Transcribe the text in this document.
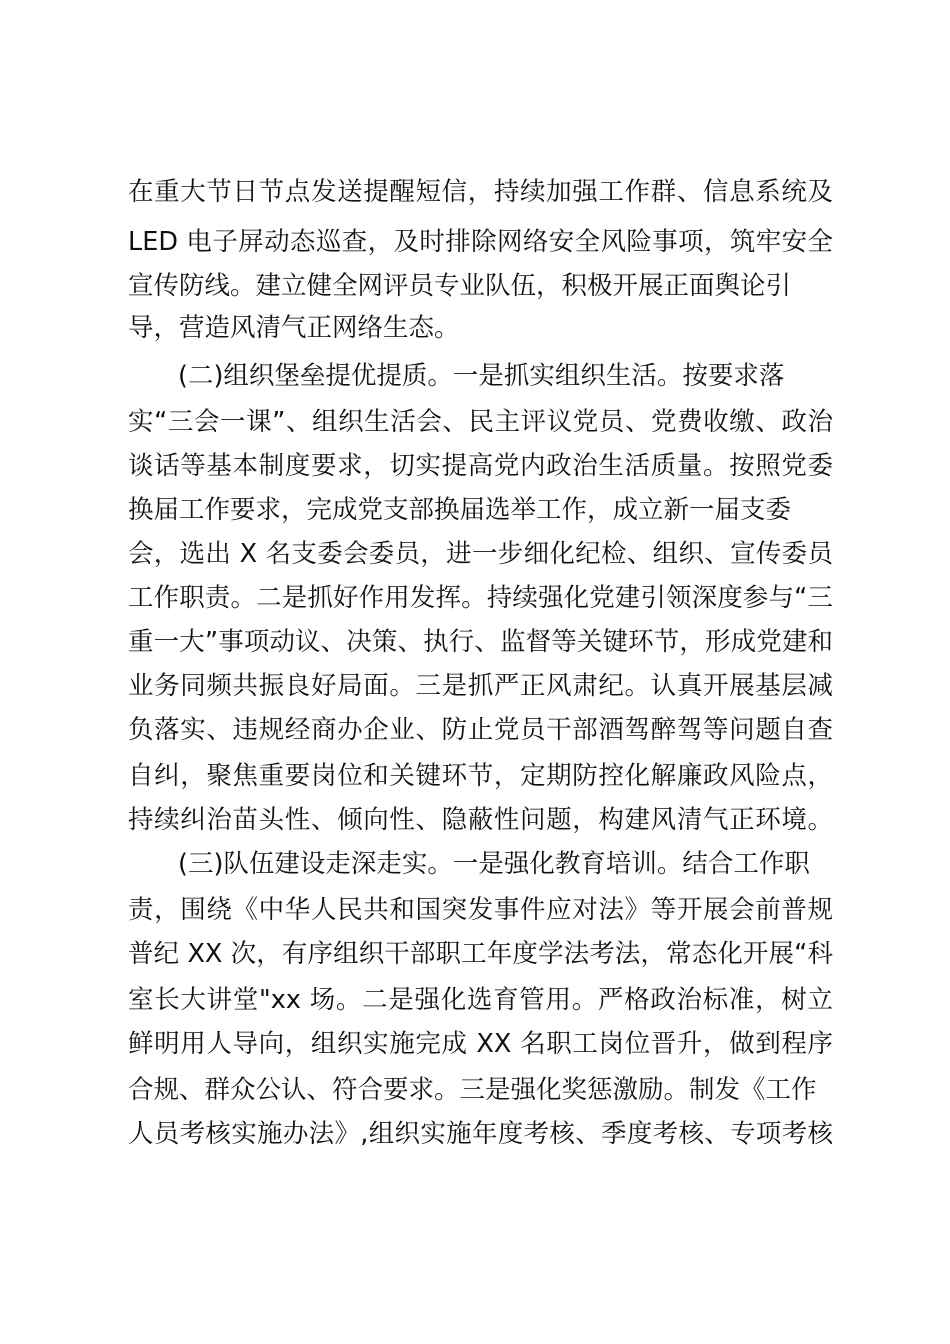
在重大节日节点发送提醒短信，持续加强工作群、信息系统及
LED 电子屏动态巡查，及时排除网络安全风险事项，筑牢安全
宣传防线。建立健全网评员专业队伍，积极开展正面舆论引
导，营造风清气正网络生态。
(二)组织堡垒提优提质。一是抓实组织生活。按要求落
实“三会一课”、组织生活会、民主评议党员、党费收缴、政治
谈话等基本制度要求，切实提高党内政治生活质量。按照党委
换届工作要求，完成党支部换届选举工作，成立新一届支委
会，选出 X 名支委会委员，进一步细化纪检、组织、宣传委员
工作职责。二是抓好作用发挥。持续强化党建引领深度参与“三
重一大”事项动议、决策、执行、监督等关键环节，形成党建和
业务同频共振良好局面。三是抓严正风肃纪。认真开展基层减
负落实、违规经商办企业、防止党员干部酒驾醉驾等问题自查
自纠，聚焦重要岗位和关键环节，定期防控化解廉政风险点，
持续纠治苗头性、倾向性、隐蔽性问题，构建风清气正环境。
(三)队伍建设走深走实。一是强化教育培训。结合工作职
责，围绕《中华人民共和国突发事件应对法》等开展会前普规
普纪 XX 次，有序组织干部职工年度学法考法，常态化开展“科
室长大讲堂"xx 场。二是强化选育管用。严格政治标准，树立
鲜明用人导向，组织实施完成 XX 名职工岗位晋升，做到程序
合规、群众公认、符合要求。三是强化奖惩激励。制发《工作
人员考核实施办法》,组织实施年度考核、季度考核、专项考核
